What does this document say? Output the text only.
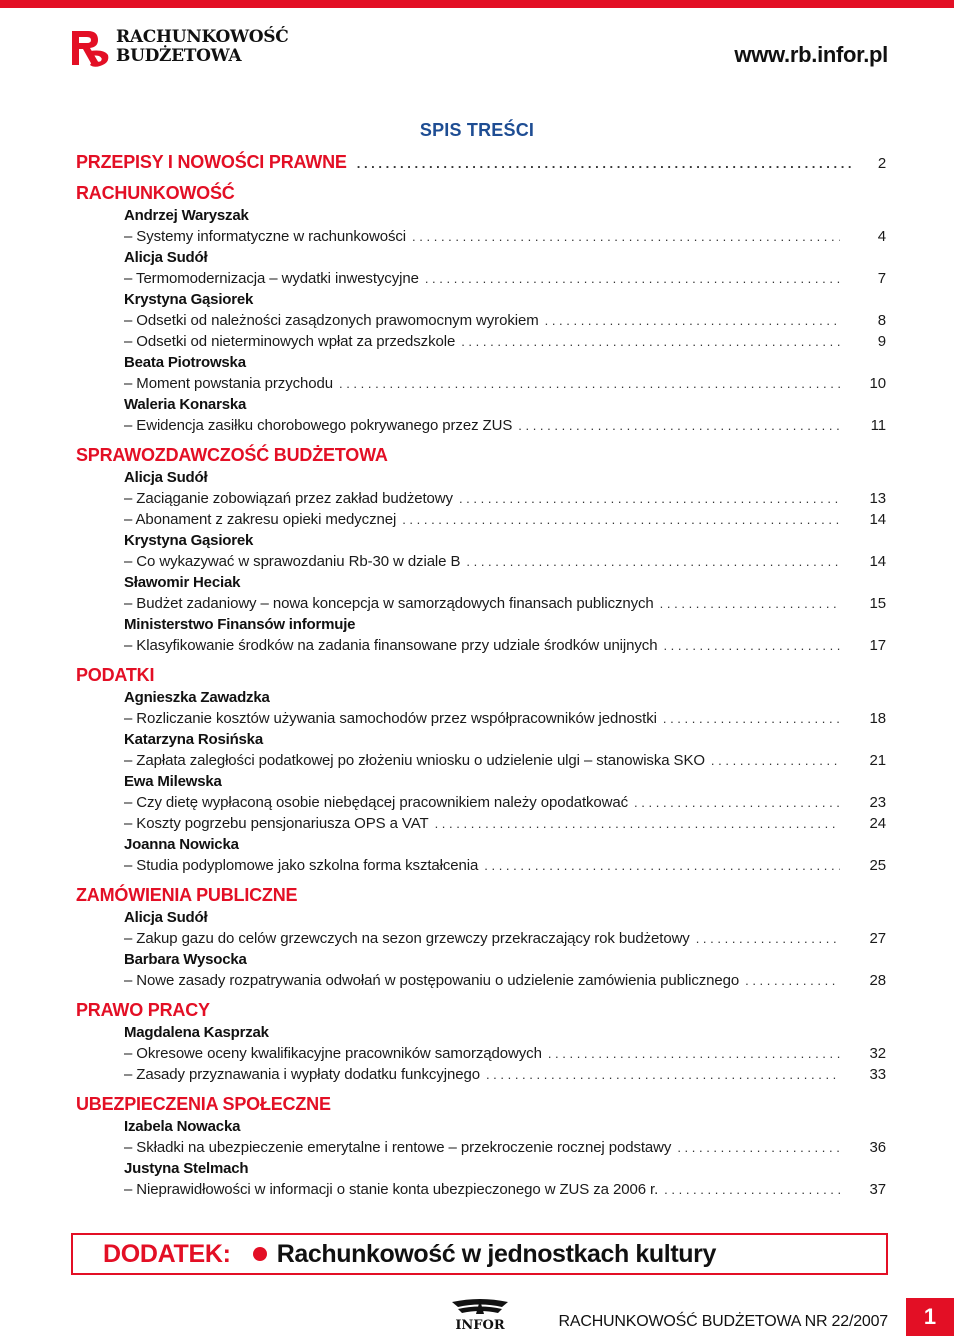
RACHUNKOWOŚĆ
BUDŻETOWA	www.rb.infor.pl
SPIS TREŚCI
PRZEPISY I NOWOŚCI PRAWNE . . .	2
RACHUNKOWOŚĆ
Andrzej Waryszak
– Systemy informatyczne w rachunkowości . . .	4
Alicja Sudół
– Termomodernizacja – wydatki inwestycyjne . . .	7
Krystyna Gąsiorek
– Odsetki od należności zasądzonych prawomocnym wyrokiem . . .	8
– Odsetki od nieterminowych wpłat za przedszkole . . .	9
Beata Piotrowska
– Moment powstania przychodu . . .	10
Waleria Konarska
– Ewidencja zasiłku chorobowego pokrywanego przez ZUS . . .	11
SPRAWOZDAWCZOŚĆ BUDŻETOWA
Alicja Sudół
– Zaciąganie zobowiązań przez zakład budżetowy . . .	13
– Abonament z zakresu opieki medycznej . . .	14
Krystyna Gąsiorek
– Co wykazywać w sprawozdaniu Rb-30 w dziale B . . .	14
Sławomir Heciak
– Budżet zadaniowy – nowa koncepcja w samorządowych finansach publicznych . . .	15
Ministerstwo Finansów informuje
– Klasyfikowanie środków na zadania finansowane przy udziale środków unijnych . . .	17
PODATKI
Agnieszka Zawadzka
– Rozliczanie kosztów używania samochodów przez współpracowników jednostki . . .	18
Katarzyna Rosińska
– Zapłata zaległości podatkowej po złożeniu wniosku o udzielenie ulgi – stanowiska SKO . . .	21
Ewa Milewska
– Czy dietę wypłaconą osobie niebędącej pracownikiem należy opodatkować . . .	23
– Koszty pogrzebu pensjonariusza OPS a VAT . . .	24
Joanna Nowicka
– Studia podyplomowe jako szkolna forma kształcenia . . .	25
ZAMÓWIENIA PUBLICZNE
Alicja Sudół
– Zakup gazu do celów grzewczych na sezon grzewczy przekraczający rok budżetowy . . .	27
Barbara Wysocka
– Nowe zasady rozpatrywania odwołań w postępowaniu o udzielenie zamówienia publicznego . . .	28
PRAWO PRACY
Magdalena Kasprzak
– Okresowe oceny kwalifikacyjne pracowników samorządowych . . .	32
– Zasady przyznawania i wypłaty dodatku funkcyjnego . . .	33
UBEZPIECZENIA SPOŁECZNE
Izabela Nowacka
– Składki na ubezpieczenie emerytalne i rentowe – przekroczenie rocznej podstawy . . .	36
Justyna Stelmach
– Nieprawidłowości w informacji o stanie konta ubezpieczonego w ZUS za 2006 r. . . .	37
DODATEK: Rachunkowość w jednostkach kultury
INFOR	RACHUNKOWOŚĆ BUDŻETOWA NR 22/2007	1
